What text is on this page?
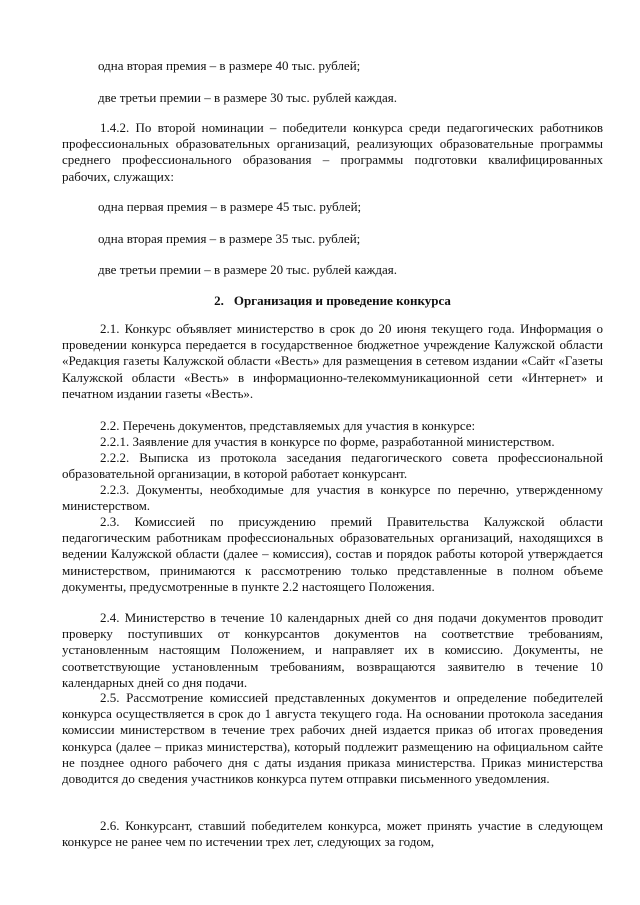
одна вторая премия – в размере 40 тыс. рублей;

две третьи премии – в размере 30 тыс. рублей каждая.

1.4.2. По второй номинации – победители конкурса среди педагогических работников профессиональных образовательных организаций, реализующих образовательные программы среднего профессионального образования – программы подготовки квалифицированных рабочих, служащих:

одна первая премия – в размере 45 тыс. рублей;

одна вторая премия – в размере 35 тыс. рублей;

две третьи премии – в размере 20 тыс. рублей каждая.

2. Организация и проведение конкурса

2.1. Конкурс объявляет министерство в срок до 20 июня текущего года. Информация о проведении конкурса передается в государственное бюджетное учреждение Калужской области «Редакция газеты Калужской области «Весть» для размещения в сетевом издании «Сайт «Газеты Калужской области «Весть» в информационно-телекоммуникационной сети «Интернет» и печатном издании газеты «Весть».

2.2. Перечень документов, представляемых для участия в конкурсе:

2.2.1. Заявление для участия в конкурсе по форме, разработанной министерством.

2.2.2. Выписка из протокола заседания педагогического совета профессиональной образовательной организации, в которой работает конкурсант.

2.2.3. Документы, необходимые для участия в конкурсе по перечню, утвержденному министерством.

2.3. Комиссией по присуждению премий Правительства Калужской области педагогическим работникам профессиональных образовательных организаций, находящихся в ведении Калужской области (далее – комиссия), состав и порядок работы которой утверждается министерством, принимаются к рассмотрению только представленные в полном объеме документы, предусмотренные в пункте 2.2 настоящего Положения.

2.4. Министерство в течение 10 календарных дней со дня подачи документов проводит проверку поступивших от конкурсантов документов на соответствие требованиям, установленным настоящим Положением, и направляет их в комиссию. Документы, не соответствующие установленным требованиям, возвращаются заявителю в течение 10 календарных дней со дня подачи.

2.5. Рассмотрение комиссией представленных документов и определение победителей конкурса осуществляется в срок до 1 августа текущего года. На основании протокола заседания комиссии министерством в течение трех рабочих дней издается приказ об итогах проведения конкурса (далее – приказ министерства), который подлежит размещению на официальном сайте не позднее одного рабочего дня с даты издания приказа министерства. Приказ министерства доводится до сведения участников конкурса путем отправки письменного уведомления.

2.6. Конкурсант, ставший победителем конкурса, может принять участие в следующем конкурсе не ранее чем по истечении трех лет, следующих за годом,
